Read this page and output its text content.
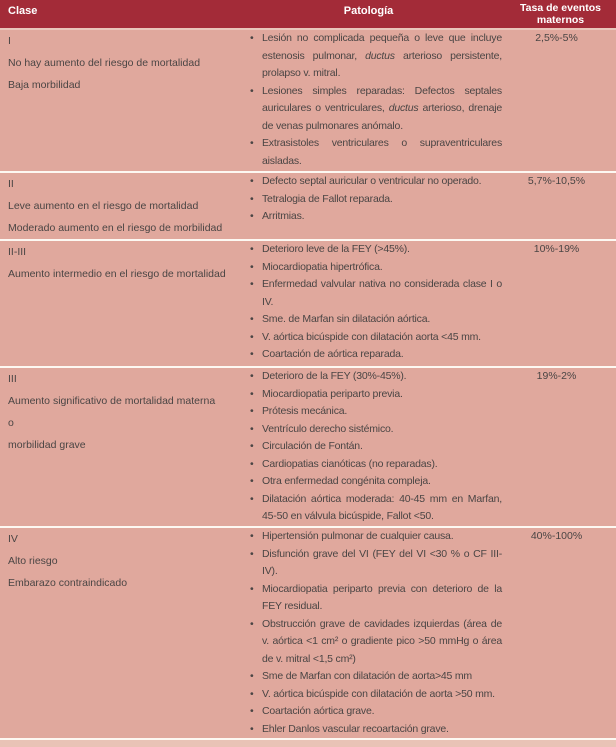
Clase	Patología	Tasa de eventos maternos
I
No hay aumento del riesgo de mortalidad
Baja morbilidad
• Lesión no complicada pequeña o leve que incluye estenosis pulmonar, ductus arterioso persistente, prolapso v. mitral.
• Lesiones simples reparadas: Defectos septales auriculares o ventriculares, ductus arterioso, drenaje de venas pulmonares anómalo.
• Extrasistoles ventriculares o supraventriculares aisladas.
2,5%-5%
II
Leve aumento en el riesgo de mortalidad
Moderado aumento en el riesgo de morbilidad
• Defecto septal auricular o ventricular no operado.
• Tetralogia de Fallot reparada.
• Arritmias.
5,7%-10,5%
II-III
Aumento intermedio en el riesgo de mortalidad
• Deterioro leve de la FEY (>45%).
• Miocardiopatia hipertrófica.
• Enfermedad valvular nativa no considerada clase I o IV.
• Sme. de Marfan sin dilatación aórtica.
• V. aórtica bicúspide con dilatación aorta <45 mm.
• Coartación de aórtica reparada.
10%-19%
III
Aumento significativo de mortalidad materna
o
morbilidad grave
• Deterioro de la FEY (30%-45%).
• Miocardiopatia periparto previa.
• Prótesis mecánica.
• Ventrículo derecho sistémico.
• Circulación de Fontán.
• Cardiopatias cianóticas (no reparadas).
• Otra enfermedad congénita compleja.
• Dilatación aórtica moderada: 40-45 mm en Marfan, 45-50 en válvula bicúspide, Fallot <50.
19%-2%
IV
Alto riesgo
Embarazo contraindicado
• Hipertensión pulmonar de cualquier causa.
• Disfunción grave del VI (FEY del VI <30 % o CF III-IV).
• Miocardiopatia periparto previa con deterioro de la FEY residual.
• Obstrucción grave de cavidades izquierdas (área de v. aórtica <1 cm² o gradiente pico >50 mmHg o área de v. mitral <1,5 cm²)
• Sme de Marfan con dilatación de aorta>45 mm
• V. aórtica bicúspide con dilatación de aorta >50 mm.
• Coartación aórtica grave.
• Ehler Danlos vascular recoartación grave.
40%-100%
